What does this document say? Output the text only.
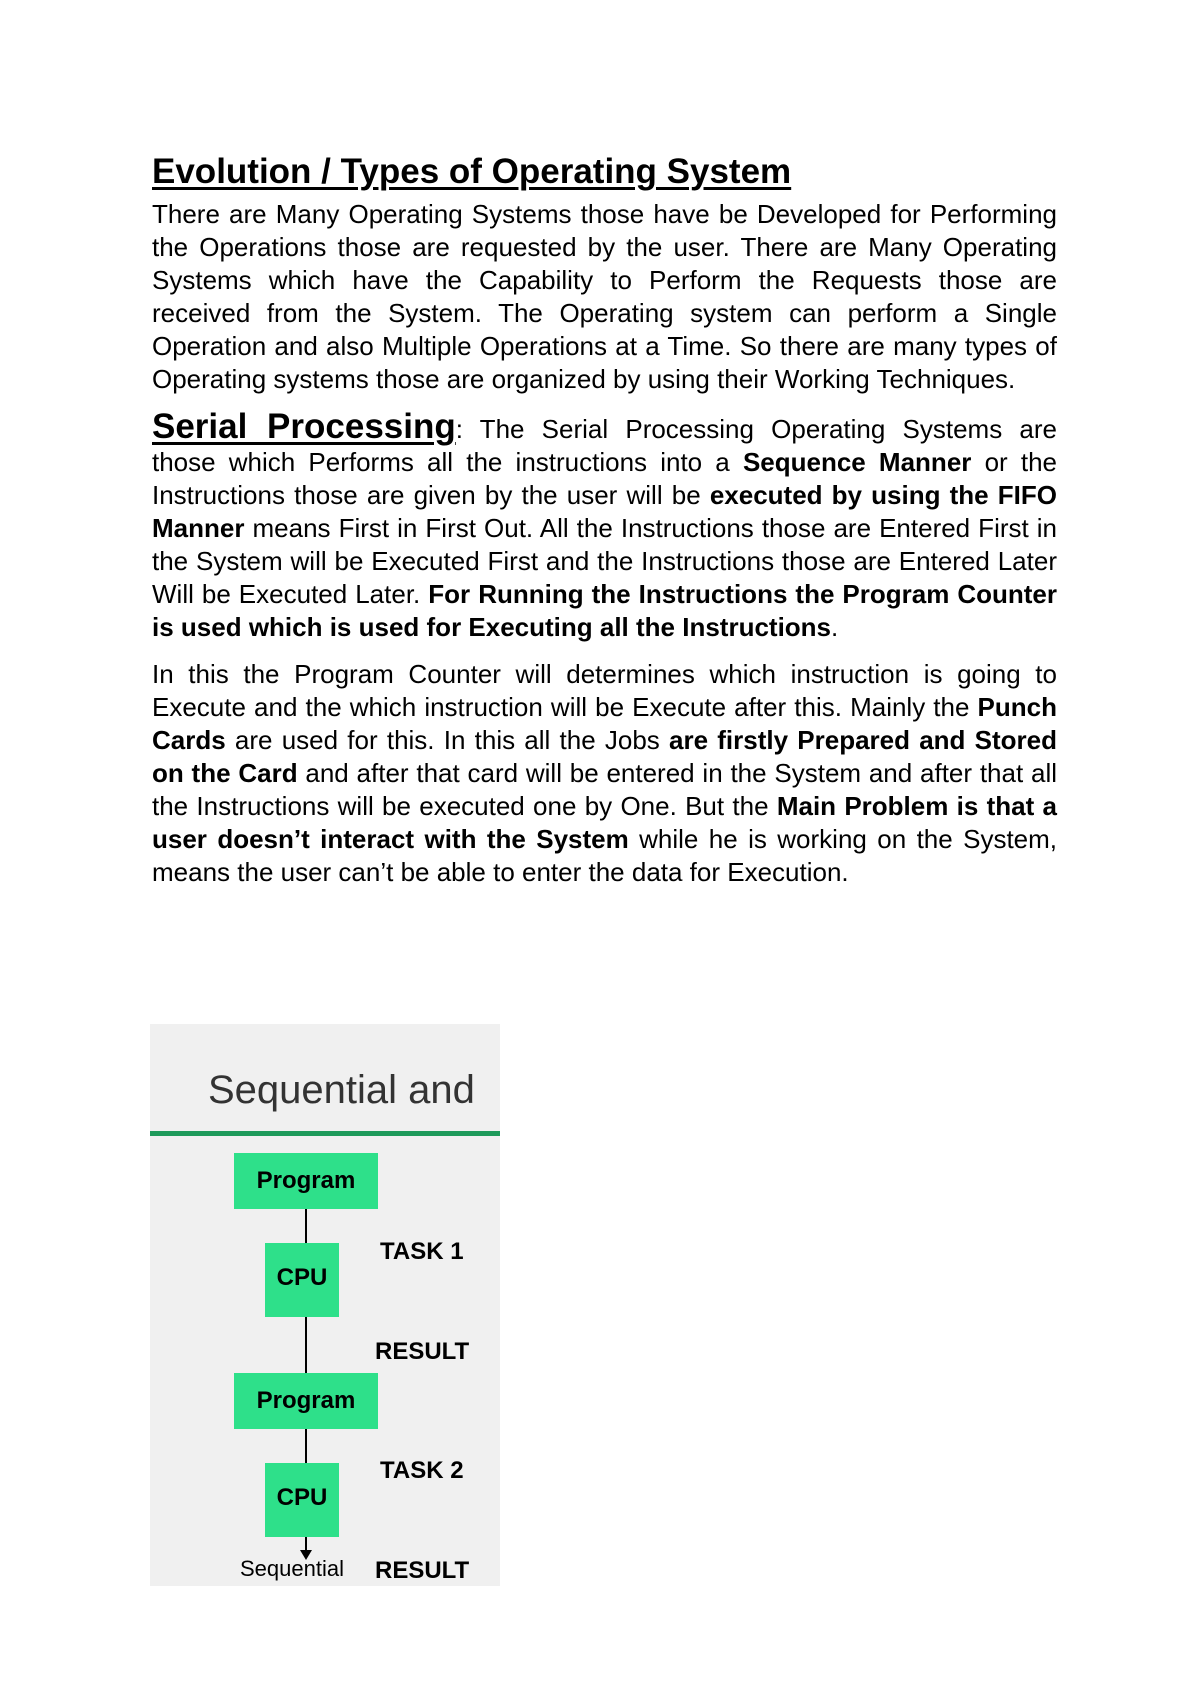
Evolution / Types of Operating System

There are Many Operating Systems those have be Developed for Performing the Operations those are requested by the user. There are Many Operating Systems which have the Capability to Perform the Requests those are received from the System. The Operating system can perform a Single Operation and also Multiple Operations at a Time. So there are many types of Operating systems those are organized by using their Working Techniques.

Serial Processing: The Serial Processing Operating Systems are those which Performs all the instructions into a Sequence Manner or the Instructions those are given by the user will be executed by using the FIFO Manner means First in First Out. All the Instructions those are Entered First in the System will be Executed First and the Instructions those are Entered Later Will be Executed Later. For Running the Instructions the Program Counter is used which is used for Executing all the Instructions.

In this the Program Counter will determines which instruction is going to Execute and the which instruction will be Execute after this. Mainly the Punch Cards are used for this. In this all the Jobs are firstly Prepared and Stored on the Card and after that card will be entered in the System and after that all the Instructions will be executed one by One. But the Main Problem is that a user doesn’t interact with the System while he is working on the System, means the user can’t be able to enter the data for Execution.

Sequential and
Program
CPU
Program
CPU
TASK 1
RESULT
TASK 2
RESULT
Sequential
